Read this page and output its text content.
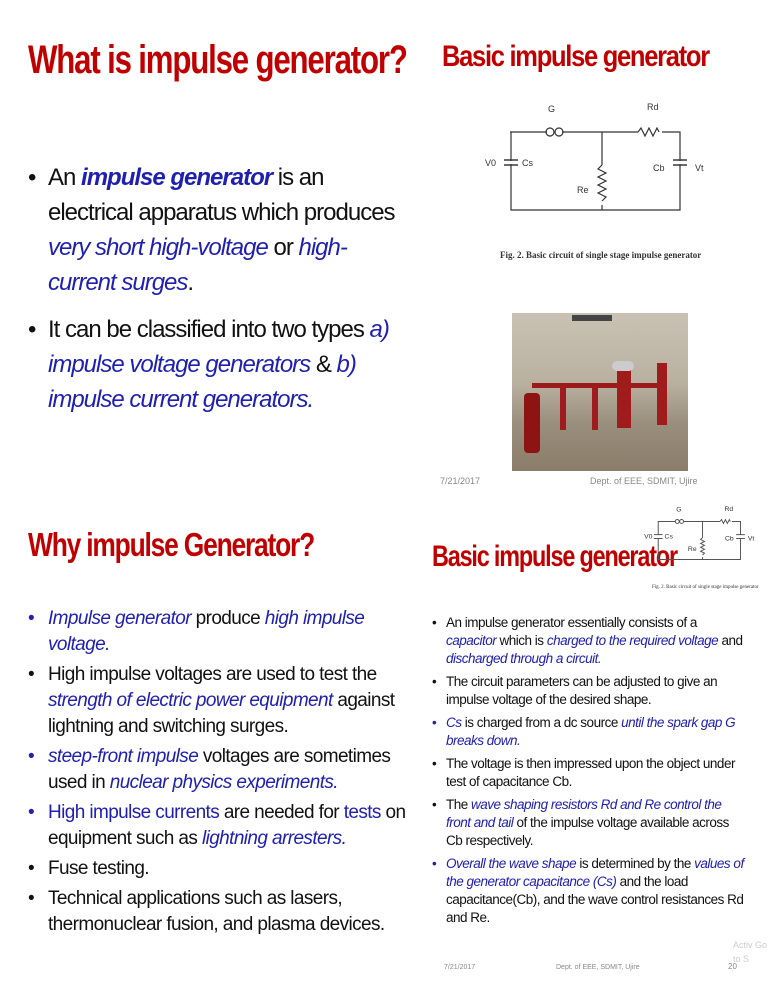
What is impulse generator?
• An impulse generator is an electrical apparatus which produces very short high-voltage or high-current surges.
• It can be classified into two types a) impulse voltage generators & b) impulse current generators.
Basic impulse generator
G	Rd
V0	Cs
Re
Cb	Vt
Fig. 2. Basic circuit of single stage impulse generator
7/21/2017	Dept. of EEE, SDMIT, Ujire
Why impulse Generator?
• Impulse generator produce high impulse voltage.
• High impulse voltages are used to test the strength of electric power equipment against lightning and switching surges.
• steep-front impulse voltages are sometimes used in nuclear physics experiments.
• High impulse currents are needed for tests on equipment such as lightning arresters.
• Fuse testing.
• Technical applications such as lasers, thermonuclear fusion, and plasma devices.
Basic impulse generator
G	Rd
V0 Cs
Re
Cb Vt
Fig. 2. Basic circuit of single stage impulse generator
• An impulse generator essentially consists of a capacitor which is charged to the required voltage and discharged through a circuit.
• The circuit parameters can be adjusted to give an impulse voltage of the desired shape.
• Cs is charged from a dc source until the spark gap G breaks down.
• The voltage is then impressed upon the object under test of capacitance Cb.
• The wave shaping resistors Rd and Re control the front and tail of the impulse voltage available across Cb respectively.
• Overall the wave shape is determined by the values of the generator capacitance (Cs) and the load capacitance(Cb), and the wave control resistances Rd and Re.
7/21/2017	Dept. of EEE, SDMIT, Ujire	20
Activ Go to S
